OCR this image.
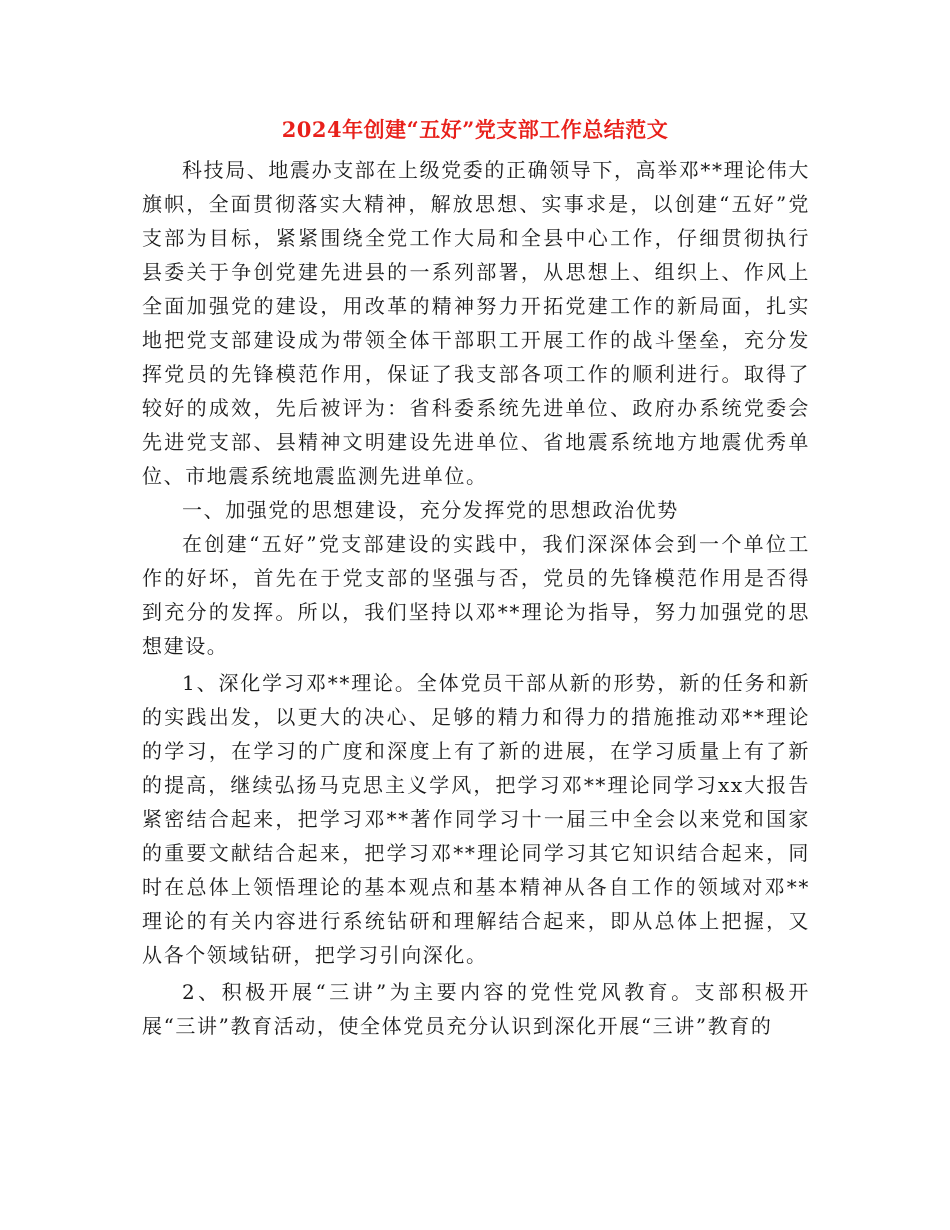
2024年创建“五好”党支部工作总结范文

科技局、地震办支部在上级党委的正确领导下，高举邓**理论伟大旗帜，全面贯彻落实大精神，解放思想、实事求是，以创建“五好”党支部为目标，紧紧围绕全党工作大局和全县中心工作，仔细贯彻执行县委关于争创党建先进县的一系列部署，从思想上、组织上、作风上全面加强党的建设，用改革的精神努力开拓党建工作的新局面，扎实地把党支部建设成为带领全体干部职工开展工作的战斗堡垒，充分发挥党员的先锋模范作用，保证了我支部各项工作的顺利进行。取得了较好的成效，先后被评为：省科委系统先进单位、政府办系统党委会先进党支部、县精神文明建设先进单位、省地震系统地方地震优秀单位、市地震系统地震监测先进单位。

一、加强党的思想建设，充分发挥党的思想政治优势

在创建“五好”党支部建设的实践中，我们深深体会到一个单位工作的好坏，首先在于党支部的坚强与否，党员的先锋模范作用是否得到充分的发挥。所以，我们坚持以邓**理论为指导，努力加强党的思想建设。

1、深化学习邓**理论。全体党员干部从新的形势，新的任务和新的实践出发，以更大的决心、足够的精力和得力的措施推动邓**理论的学习，在学习的广度和深度上有了新的进展，在学习质量上有了新的提高，继续弘扬马克思主义学风，把学习邓**理论同学习xx大报告紧密结合起来，把学习邓**著作同学习十一届三中全会以来党和国家的重要文献结合起来，把学习邓**理论同学习其它知识结合起来，同时在总体上领悟理论的基本观点和基本精神从各自工作的领域对邓**理论的有关内容进行系统钻研和理解结合起来，即从总体上把握，又从各个领域钻研，把学习引向深化。

2、积极开展“三讲”为主要内容的党性党风教育。支部积极开展“三讲”教育活动，使全体党员充分认识到深化开展“三讲”教育的
